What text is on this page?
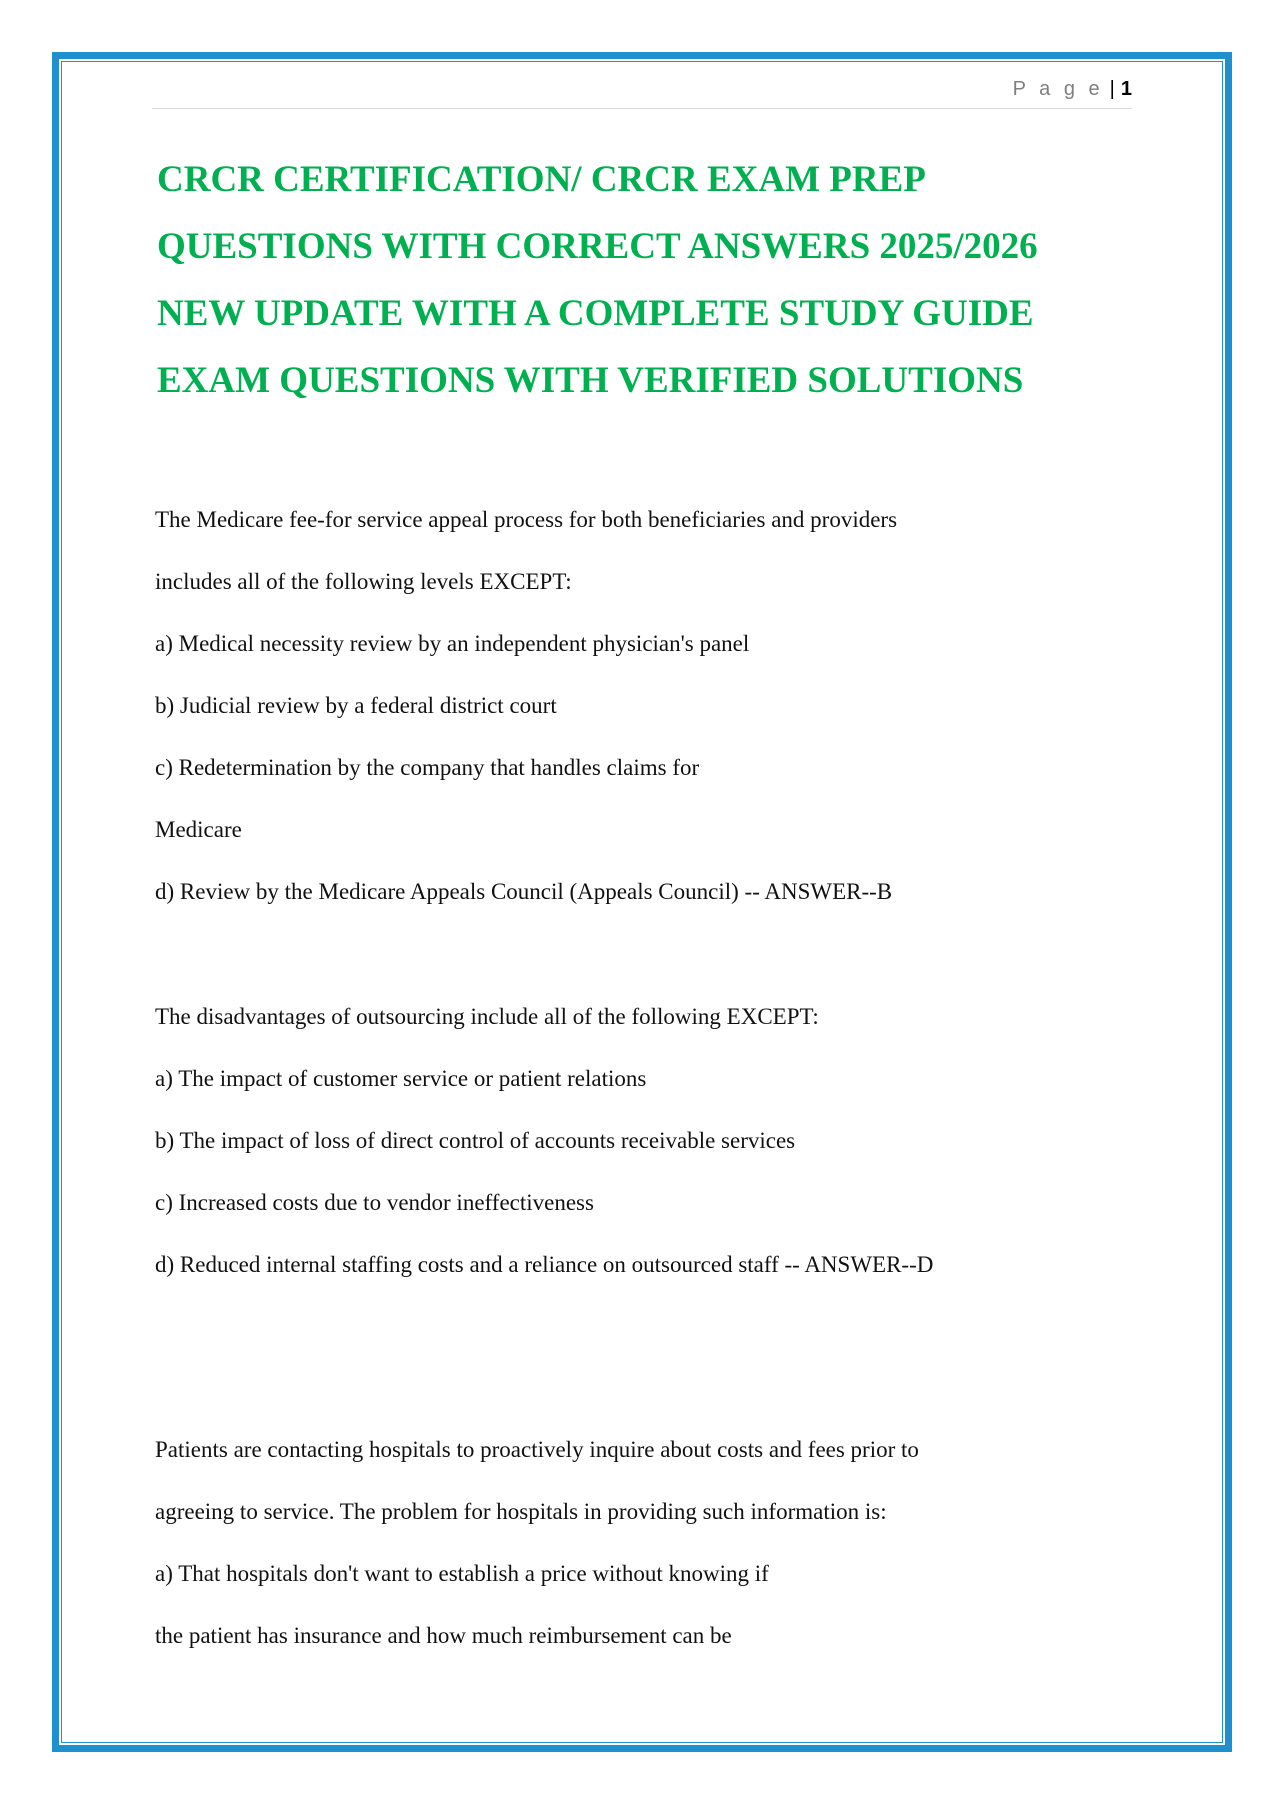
P a g e | 1
CRCR CERTIFICATION/ CRCR EXAM PREP
QUESTIONS WITH CORRECT ANSWERS 2025/2026
NEW UPDATE WITH A COMPLETE STUDY GUIDE
EXAM QUESTIONS WITH VERIFIED SOLUTIONS
The Medicare fee-for service appeal process for both beneficiaries and providers
includes all of the following levels EXCEPT:
a) Medical necessity review by an independent physician's panel
b) Judicial review by a federal district court
c) Redetermination by the company that handles claims for
Medicare
d) Review by the Medicare Appeals Council (Appeals Council) -- ANSWER--B
The disadvantages of outsourcing include all of the following EXCEPT:
a) The impact of customer service or patient relations
b) The impact of loss of direct control of accounts receivable services
c) Increased costs due to vendor ineffectiveness
d) Reduced internal staffing costs and a reliance on outsourced staff -- ANSWER--D
Patients are contacting hospitals to proactively inquire about costs and fees prior to
agreeing to service. The problem for hospitals in providing such information is:
a) That hospitals don't want to establish a price without knowing if
the patient has insurance and how much reimbursement can be
